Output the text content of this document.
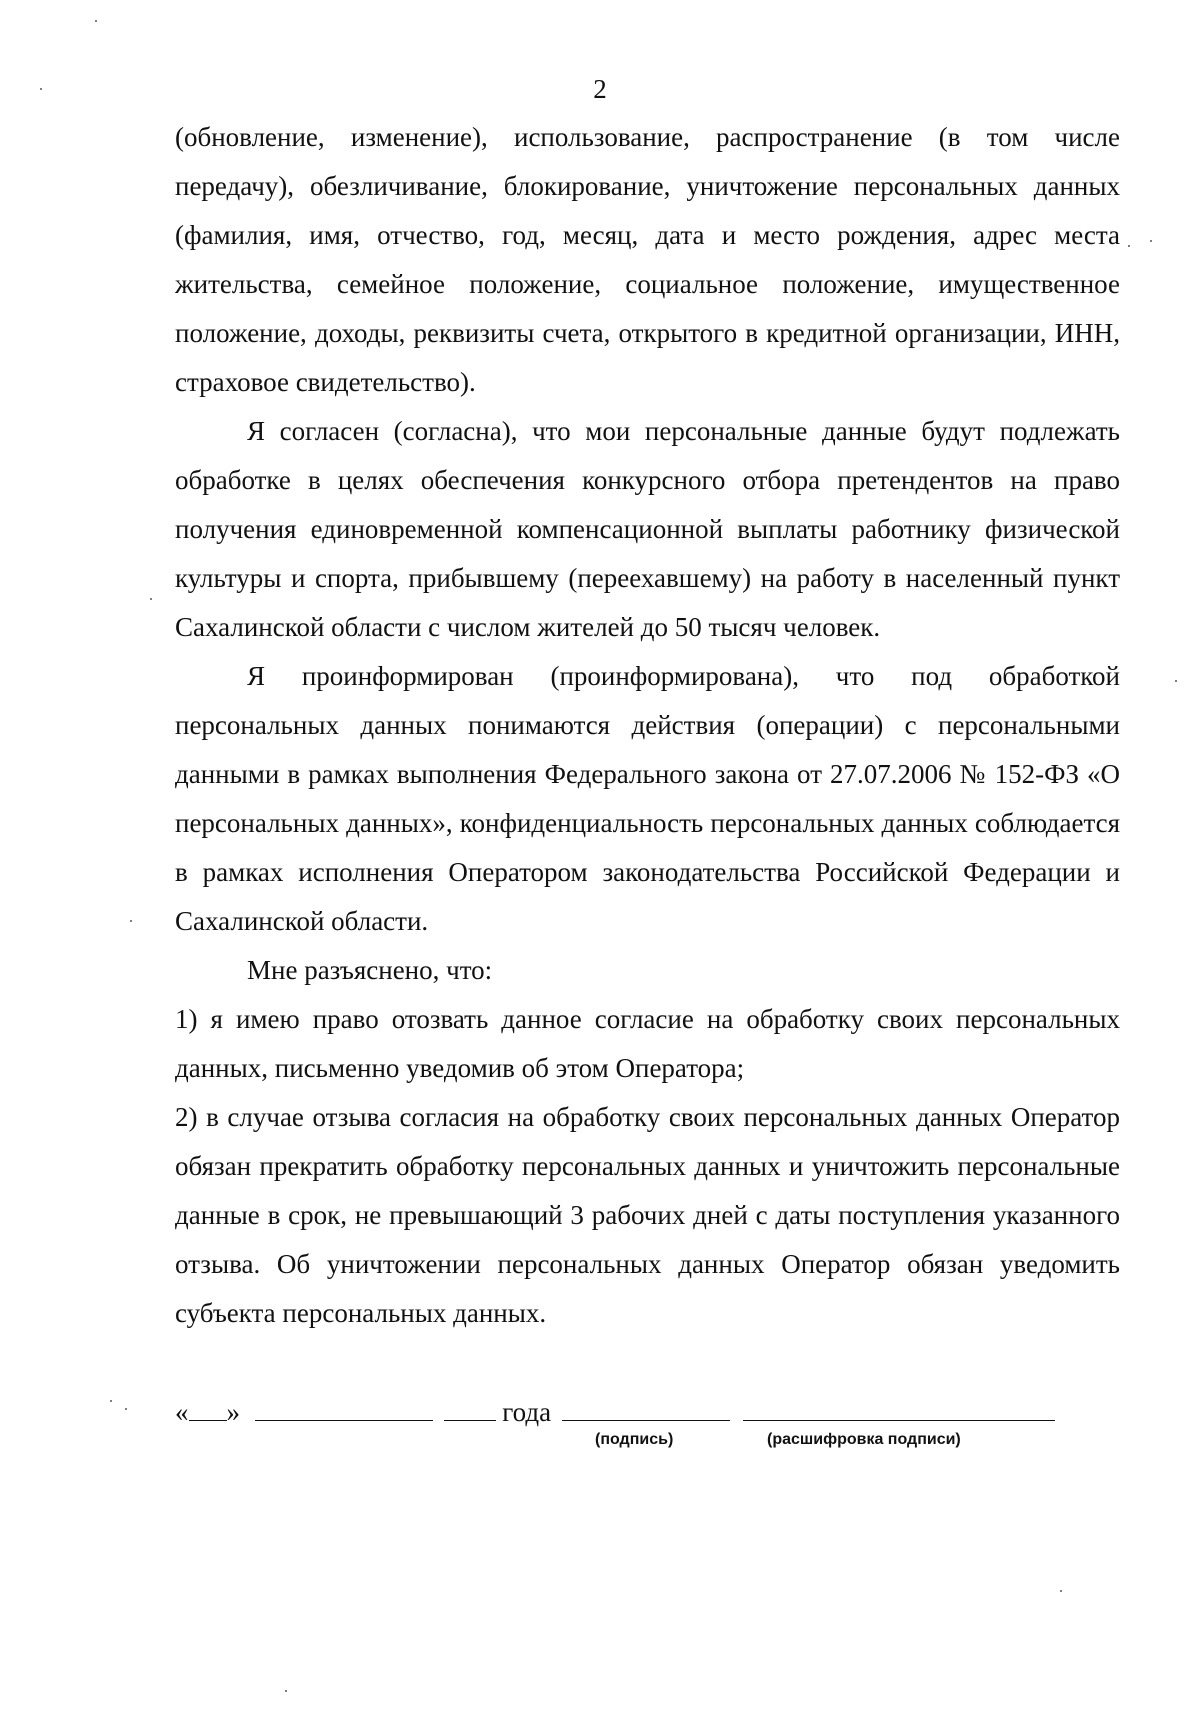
2

(обновление, изменение), использование, распространение (в том числе передачу), обезличивание, блокирование, уничтожение персональных данных (фамилия, имя, отчество, год, месяц, дата и место рождения, адрес места жительства, семейное положение, социальное положение, имущественное положение, доходы, реквизиты счета, открытого в кредитной организации, ИНН, страховое свидетельство).

Я согласен (согласна), что мои персональные данные будут подлежать обработке в целях обеспечения конкурсного отбора претендентов на право получения единовременной компенсационной выплаты работнику физической культуры и спорта, прибывшему (переехавшему) на работу в населенный пункт Сахалинской области с числом жителей до 50 тысяч человек.

Я проинформирован (проинформирована), что под обработкой персональных данных понимаются действия (операции) с персональными данными в рамках выполнения Федерального закона от 27.07.2006 № 152-ФЗ «О персональных данных», конфиденциальность персональных данных соблюдается в рамках исполнения Оператором законодательства Российской Федерации и Сахалинской области.

Мне разъяснено, что:

1) я имею право отозвать данное согласие на обработку своих персональных данных, письменно уведомив об этом Оператора;

2) в случае отзыва согласия на обработку своих персональных данных Оператор обязан прекратить обработку персональных данных и уничтожить персональные данные в срок, не превышающий 3 рабочих дней с даты поступления указанного отзыва. Об уничтожении персональных данных Оператор обязан уведомить субъекта персональных данных.

« »	года
(подпись)	(расшифровка подписи)
